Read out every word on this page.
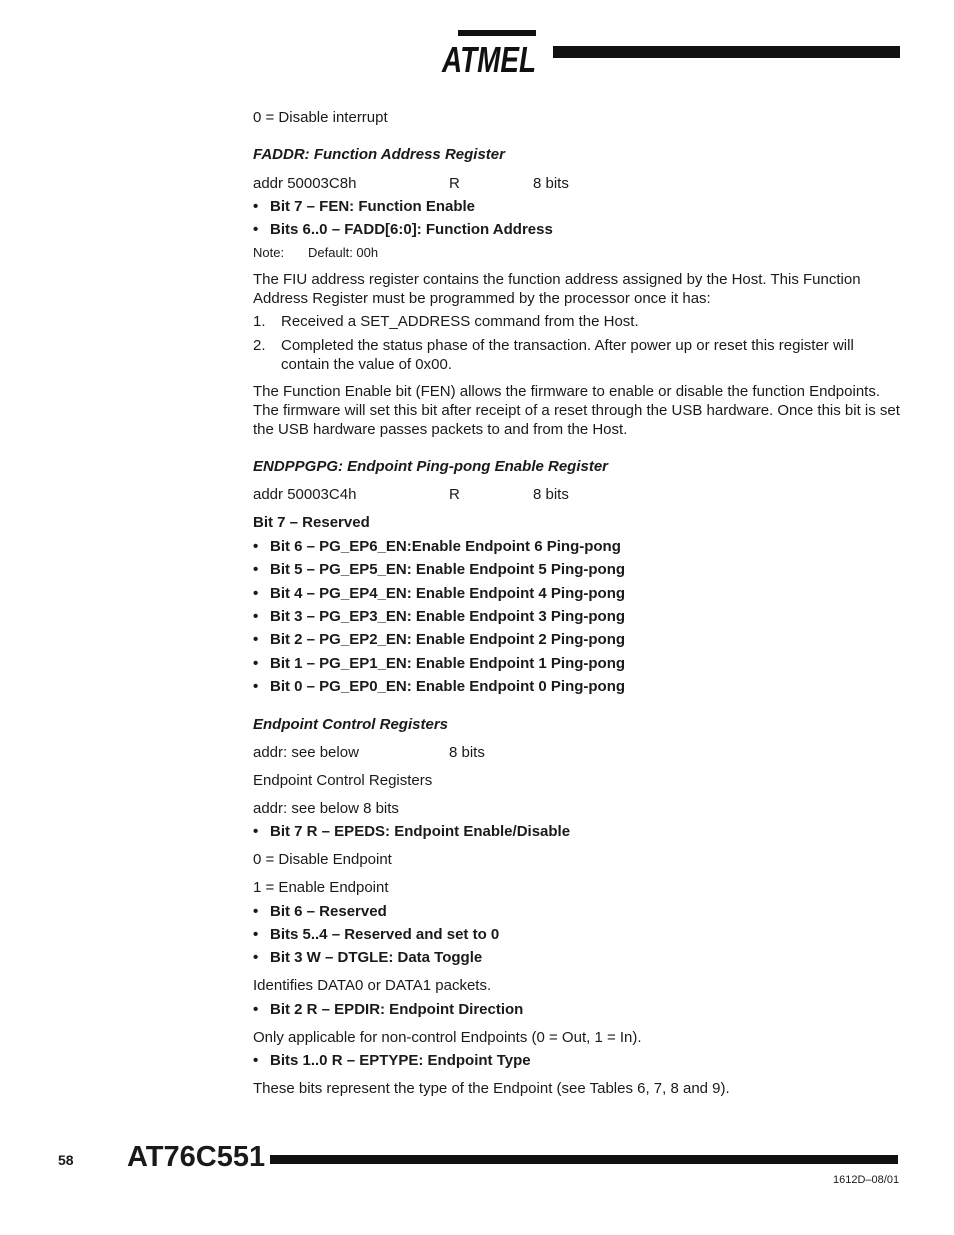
ATMEL
0 = Disable interrupt
FADDR: Function Address Register
addr 50003C8h	R	8 bits
• Bit 7 – FEN: Function Enable
• Bits 6..0 – FADD[6:0]: Function Address
Note: Default: 00h
The FIU address register contains the function address assigned by the Host. This Function Address Register must be programmed by the processor once it has:
1. Received a SET_ADDRESS command from the Host.
2. Completed the status phase of the transaction. After power up or reset this register will contain the value of 0x00.
The Function Enable bit (FEN) allows the firmware to enable or disable the function Endpoints. The firmware will set this bit after receipt of a reset through the USB hardware. Once this bit is set the USB hardware passes packets to and from the Host.
ENDPPGPG: Endpoint Ping-pong Enable Register
addr 50003C4h	R	8 bits
Bit 7 – Reserved
• Bit 6 – PG_EP6_EN:Enable Endpoint 6 Ping-pong
• Bit 5 – PG_EP5_EN: Enable Endpoint 5 Ping-pong
• Bit 4 – PG_EP4_EN: Enable Endpoint 4 Ping-pong
• Bit 3 – PG_EP3_EN: Enable Endpoint 3 Ping-pong
• Bit 2 – PG_EP2_EN: Enable Endpoint 2 Ping-pong
• Bit 1 – PG_EP1_EN: Enable Endpoint 1 Ping-pong
• Bit 0 – PG_EP0_EN: Enable Endpoint 0 Ping-pong
Endpoint Control Registers
addr: see below	8 bits
Endpoint Control Registers
addr: see below 8 bits
• Bit 7 R – EPEDS: Endpoint Enable/Disable
0 = Disable Endpoint
1 = Enable Endpoint
• Bit 6 – Reserved
• Bits 5..4 – Reserved and set to 0
• Bit 3 W – DTGLE: Data Toggle
Identifies DATA0 or DATA1 packets.
• Bit 2 R – EPDIR: Endpoint Direction
Only applicable for non-control Endpoints (0 = Out, 1 = In).
• Bits 1..0 R – EPTYPE: Endpoint Type
These bits represent the type of the Endpoint (see Tables 6, 7, 8 and 9).
58 AT76C551
1612D–08/01
